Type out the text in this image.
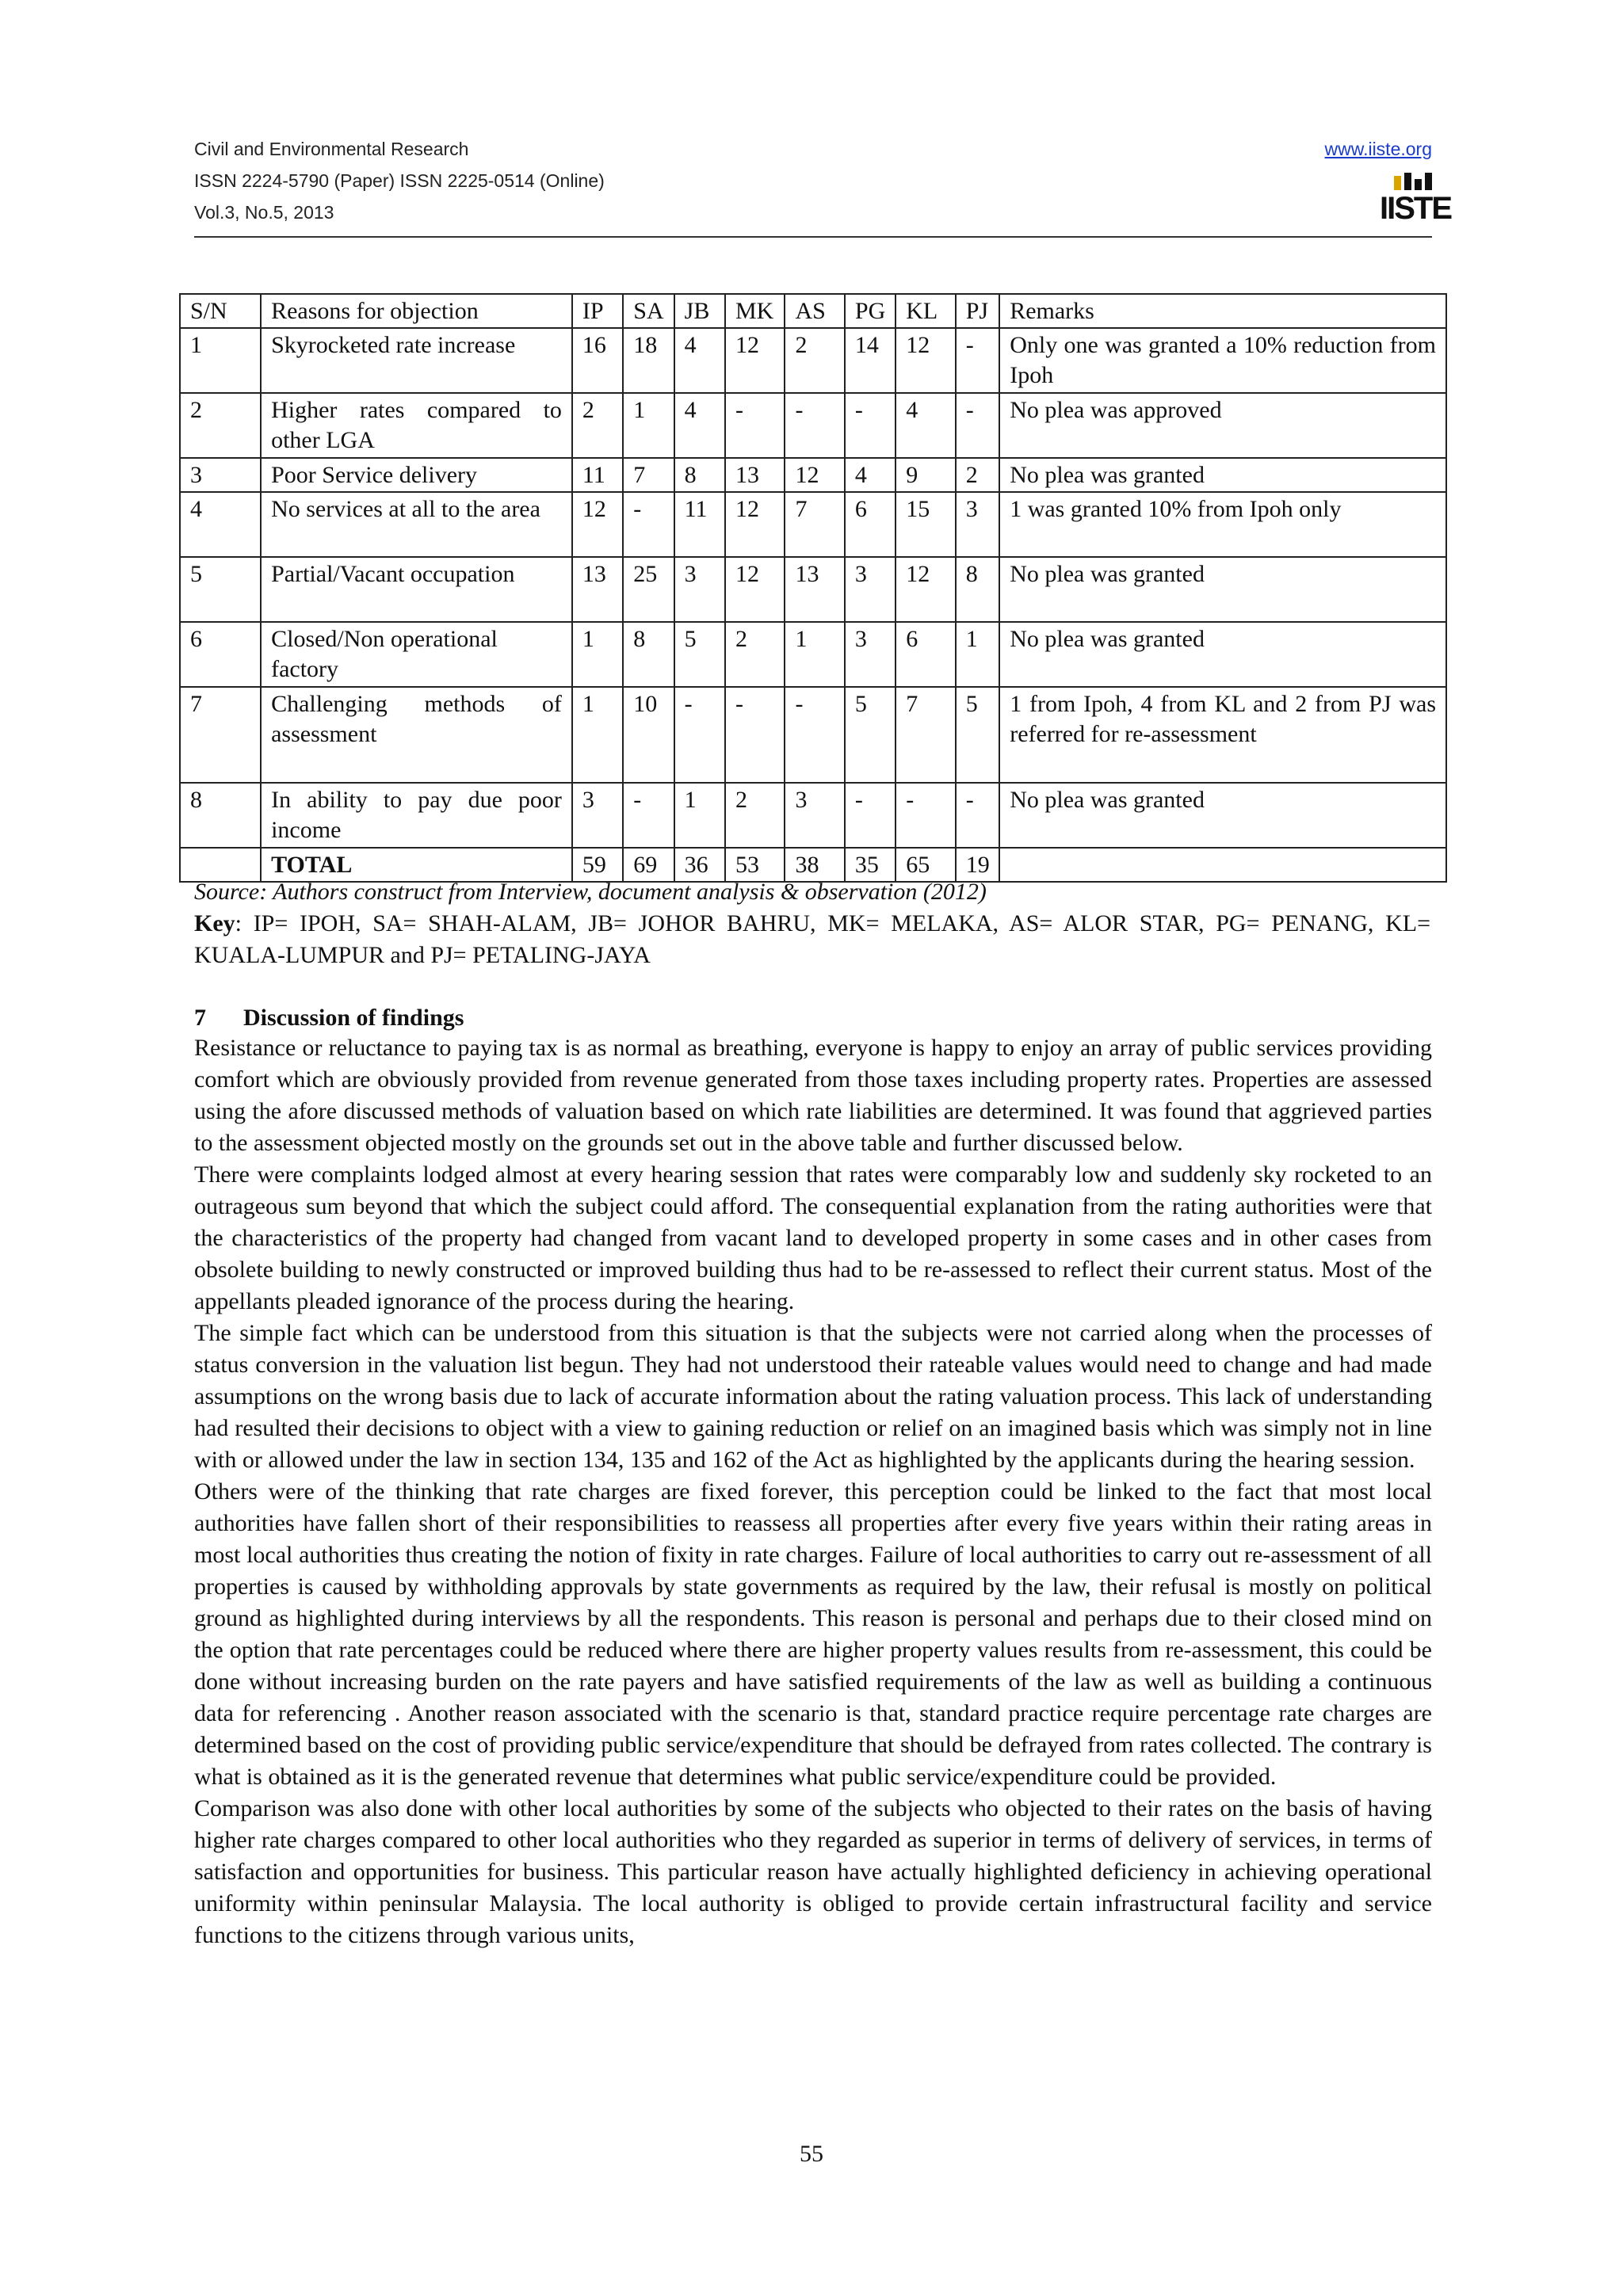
Civil and Environmental Research
ISSN 2224-5790 (Paper) ISSN 2225-0514 (Online)
Vol.3, No.5, 2013
www.iiste.org
IISTE
S/N	Reasons for objection	IP	SA	JB	MK	AS	PG	KL	PJ	Remarks
1	Skyrocketed rate increase	16	18	4	12	2	14	12	-	Only one was granted a 10% reduction from Ipoh
2	Higher rates compared to other LGA	2	1	4	-	-	-	4	-	No plea was approved
3	Poor Service delivery	11	7	8	13	12	4	9	2	No plea was granted
4	No services at all to the area	12	-	11	12	7	6	15	3	1 was granted 10% from Ipoh only
5	Partial/Vacant occupation	13	25	3	12	13	3	12	8	No plea was granted
6	Closed/Non operational factory	1	8	5	2	1	3	6	1	No plea was granted
7	Challenging methods of assessment	1	10	-	-	-	5	7	5	1 from Ipoh, 4 from KL and 2 from PJ was referred for re-assessment
8	In ability to pay due poor income	3	-	1	2	3	-	-	-	No plea was granted
	TOTAL	59	69	36	53	38	35	65	19	
Source: Authors construct from Interview, document analysis & observation (2012)
Key: IP= IPOH, SA= SHAH-ALAM, JB= JOHOR BAHRU, MK= MELAKA, AS= ALOR STAR, PG= PENANG, KL= KUALA-LUMPUR and PJ= PETALING-JAYA
7 Discussion of findings

Resistance or reluctance to paying tax is as normal as breathing, everyone is happy to enjoy an array of public services providing comfort which are obviously provided from revenue generated from those taxes including property rates. Properties are assessed using the afore discussed methods of valuation based on which rate liabilities are determined. It was found that aggrieved parties to the assessment objected mostly on the grounds set out in the above table and further discussed below.

There were complaints lodged almost at every hearing session that rates were comparably low and suddenly sky rocketed to an outrageous sum beyond that which the subject could afford. The consequential explanation from the rating authorities were that the characteristics of the property had changed from vacant land to developed property in some cases and in other cases from obsolete building to newly constructed or improved building thus had to be re-assessed to reflect their current status. Most of the appellants pleaded ignorance of the process during the hearing.

The simple fact which can be understood from this situation is that the subjects were not carried along when the processes of status conversion in the valuation list begun. They had not understood their rateable values would need to change and had made assumptions on the wrong basis due to lack of accurate information about the rating valuation process. This lack of understanding had resulted their decisions to object with a view to gaining reduction or relief on an imagined basis which was simply not in line with or allowed under the law in section 134, 135 and 162 of the Act as highlighted by the applicants during the hearing session.

Others were of the thinking that rate charges are fixed forever, this perception could be linked to the fact that most local authorities have fallen short of their responsibilities to reassess all properties after every five years within their rating areas in most local authorities thus creating the notion of fixity in rate charges. Failure of local authorities to carry out re-assessment of all properties is caused by withholding approvals by state governments as required by the law, their refusal is mostly on political ground as highlighted during interviews by all the respondents. This reason is personal and perhaps due to their closed mind on the option that rate percentages could be reduced where there are higher property values results from re-assessment, this could be done without increasing burden on the rate payers and have satisfied requirements of the law as well as building a continuous data for referencing . Another reason associated with the scenario is that, standard practice require percentage rate charges are determined based on the cost of providing public service/expenditure that should be defrayed from rates collected. The contrary is what is obtained as it is the generated revenue that determines what public service/expenditure could be provided.

Comparison was also done with other local authorities by some of the subjects who objected to their rates on the basis of having higher rate charges compared to other local authorities who they regarded as superior in terms of delivery of services, in terms of satisfaction and opportunities for business. This particular reason have actually highlighted deficiency in achieving operational uniformity within peninsular Malaysia. The local authority is obliged to provide certain infrastructural facility and service functions to the citizens through various units,

55
